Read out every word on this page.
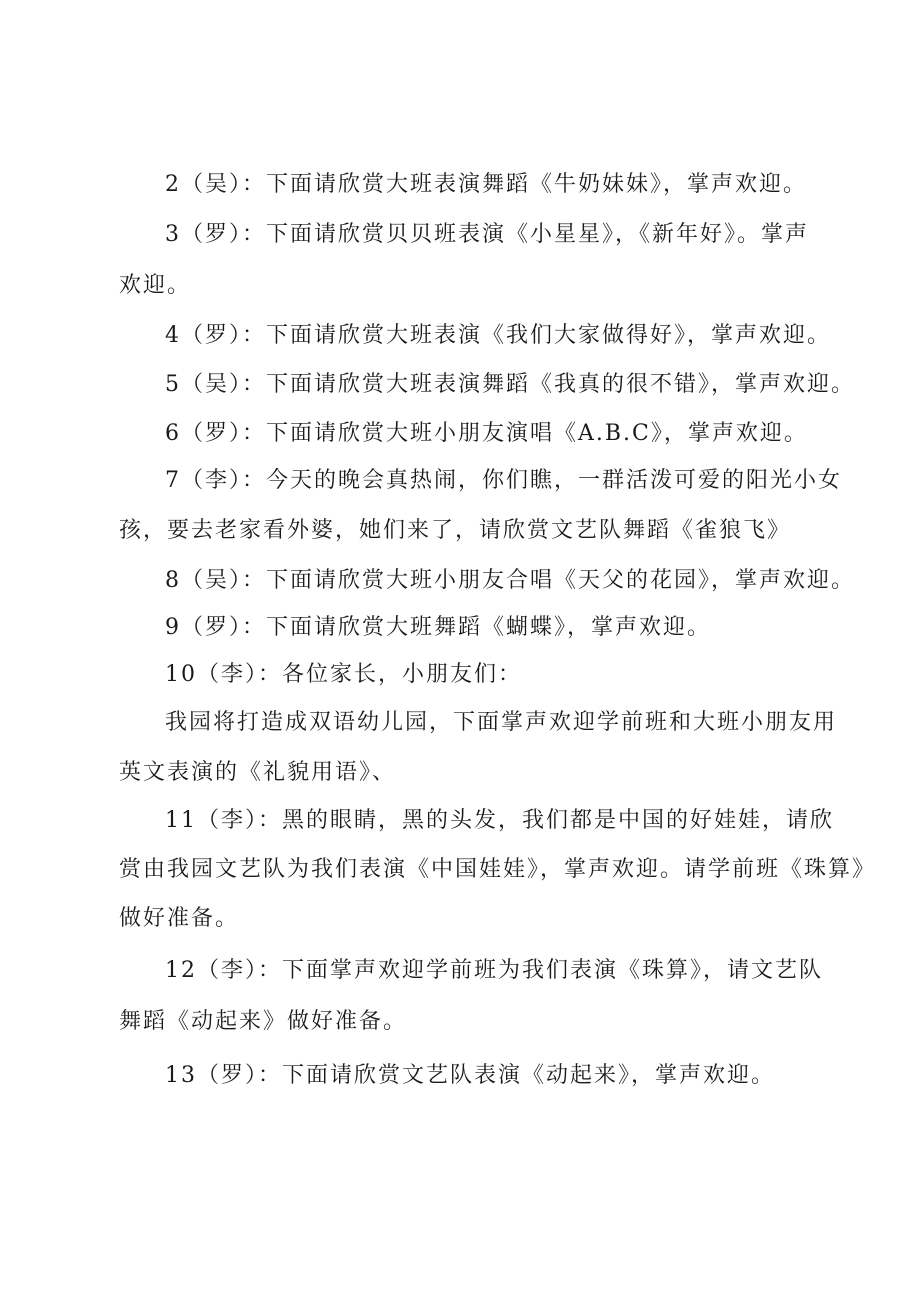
2（吴）：下面请欣赏大班表演舞蹈《牛奶妹妹》，掌声欢迎。
3（罗）：下面请欣赏贝贝班表演《小星星》，《新年好》。掌声
欢迎。
4（罗）：下面请欣赏大班表演《我们大家做得好》，掌声欢迎。
5（吴）：下面请欣赏大班表演舞蹈《我真的很不错》，掌声欢迎。
6（罗）：下面请欣赏大班小朋友演唱《A.B.C》，掌声欢迎。
7（李）：今天的晚会真热闹，你们瞧，一群活泼可爱的阳光小女
孩，要去老家看外婆，她们来了，请欣赏文艺队舞蹈《雀狼飞》
8（吴）：下面请欣赏大班小朋友合唱《天父的花园》，掌声欢迎。
9（罗）：下面请欣赏大班舞蹈《蝴蝶》，掌声欢迎。
10（李）：各位家长，小朋友们：
我园将打造成双语幼儿园，下面掌声欢迎学前班和大班小朋友用
英文表演的《礼貌用语》、
11（李）：黑的眼睛，黑的头发，我们都是中国的好娃娃，请欣
赏由我园文艺队为我们表演《中国娃娃》，掌声欢迎。请学前班《珠算》
做好准备。
12（李）：下面掌声欢迎学前班为我们表演《珠算》，请文艺队
舞蹈《动起来》做好准备。
13（罗）：下面请欣赏文艺队表演《动起来》，掌声欢迎。
